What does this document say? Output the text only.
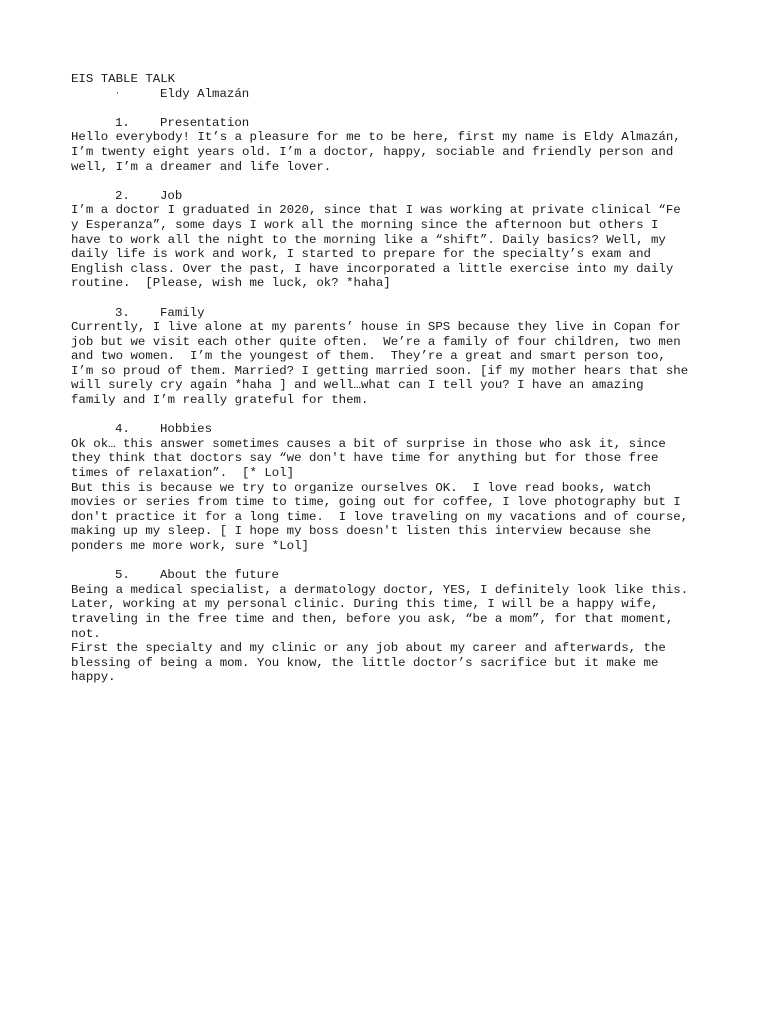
EIS TABLE TALK
·	Eldy Almazán
1. Presentation
Hello everybody! It’s a pleasure for me to be here, first my name is Eldy Almazán,
I’m twenty eight years old. I’m a doctor, happy, sociable and friendly person and
well, I’m a dreamer and life lover.
2. Job
I’m a doctor I graduated in 2020, since that I was working at private clinical “Fe
y Esperanza”, some days I work all the morning since the afternoon but others I
have to work all the night to the morning like a “shift”. Daily basics? Well, my
daily life is work and work, I started to prepare for the specialty’s exam and
English class. Over the past, I have incorporated a little exercise into my daily
routine.  [Please, wish me luck, ok? *haha]
3. Family
Currently, I live alone at my parents’ house in SPS because they live in Copan for
job but we visit each other quite often.  We’re a family of four children, two men
and two women.  I’m the youngest of them.  They’re a great and smart person too,
I’m so proud of them. Married? I getting married soon. [if my mother hears that she
will surely cry again *haha ] and well…what can I tell you? I have an amazing
family and I’m really grateful for them.
4. Hobbies
Ok ok… this answer sometimes causes a bit of surprise in those who ask it, since
they think that doctors say “we don't have time for anything but for those free
times of relaxation”.  [* Lol]
But this is because we try to organize ourselves OK.  I love read books, watch
movies or series from time to time, going out for coffee, I love photography but I
don't practice it for a long time.  I love traveling on my vacations and of course,
making up my sleep. [ I hope my boss doesn't listen this interview because she
ponders me more work, sure *Lol]
5. About the future
Being a medical specialist, a dermatology doctor, YES, I definitely look like this.
Later, working at my personal clinic. During this time, I will be a happy wife,
traveling in the free time and then, before you ask, “be a mom”, for that moment,
not.
First the specialty and my clinic or any job about my career and afterwards, the
blessing of being a mom. You know, the little doctor’s sacrifice but it make me
happy.
